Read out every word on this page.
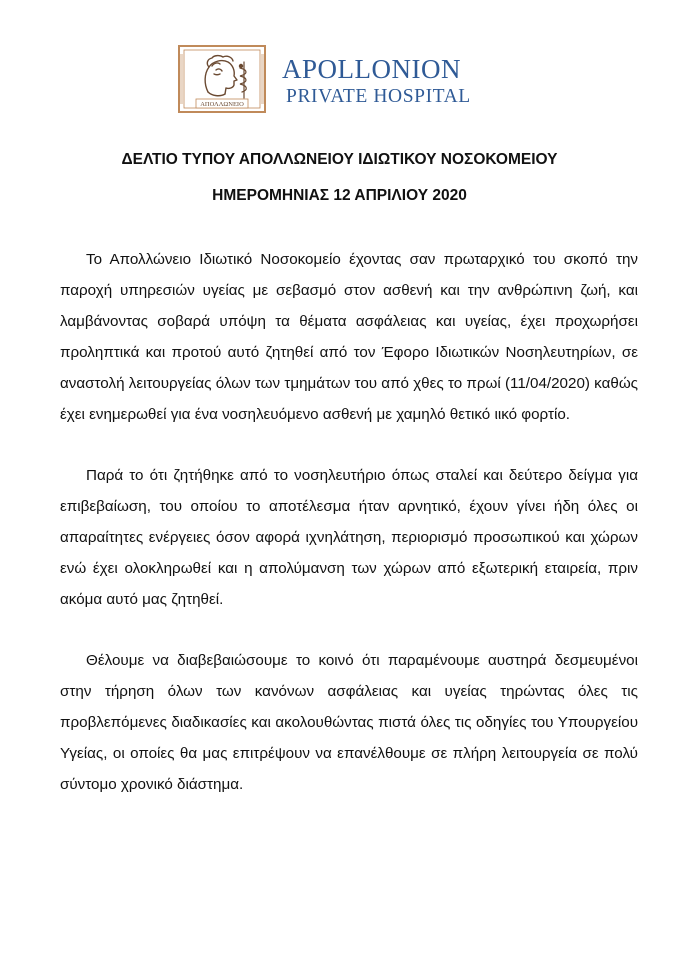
ΑΠΟΛΛΩΝΕΙΟ
APOLLONION
PRIVATE HOSPITAL
ΔΕΛΤΙΟ ΤΥΠΟΥ ΑΠΟΛΛΩΝΕΙΟΥ ΙΔΙΩΤΙΚΟΥ ΝΟΣΟΚΟΜΕΙΟΥ
ΗΜΕΡΟΜΗΝΙΑΣ 12 ΑΠΡΙΛΙΟΥ 2020

Το Απολλώνειο Ιδιωτικό Νοσοκομείο έχοντας σαν πρωταρχικό του σκοπό την παροχή υπηρεσιών υγείας με σεβασμό στον ασθενή και την ανθρώπινη ζωή, και λαμβάνοντας σοβαρά υπόψη τα θέματα ασφάλειας και υγείας, έχει προχωρήσει προληπτικά και προτού αυτό ζητηθεί από τον Έφορο Ιδιωτικών Νοσηλευτηρίων, σε αναστολή λειτουργείας όλων των τμημάτων του από χθες το πρωί (11/04/2020) καθώς έχει ενημερωθεί για ένα νοσηλευόμενο ασθενή με χαμηλό θετικό ιικό φορτίο.

Παρά το ότι ζητήθηκε από το νοσηλευτήριο όπως σταλεί και δεύτερο δείγμα για επιβεβαίωση, του οποίου το αποτέλεσμα ήταν αρνητικό, έχουν γίνει ήδη όλες οι απαραίτητες ενέργειες όσον αφορά ιχνηλάτηση, περιορισμό προσωπικού και χώρων ενώ έχει ολοκληρωθεί και η απολύμανση των χώρων από εξωτερική εταιρεία, πριν ακόμα αυτό μας ζητηθεί.

Θέλουμε να διαβεβαιώσουμε το κοινό ότι παραμένουμε αυστηρά δεσμευμένοι στην τήρηση όλων των κανόνων ασφάλειας και υγείας τηρώντας όλες τις προβλεπόμενες διαδικασίες και ακολουθώντας πιστά όλες τις οδηγίες του Υπουργείου Υγείας, οι οποίες θα μας επιτρέψουν να επανέλθουμε σε πλήρη λειτουργεία σε πολύ σύντομο χρονικό διάστημα.
